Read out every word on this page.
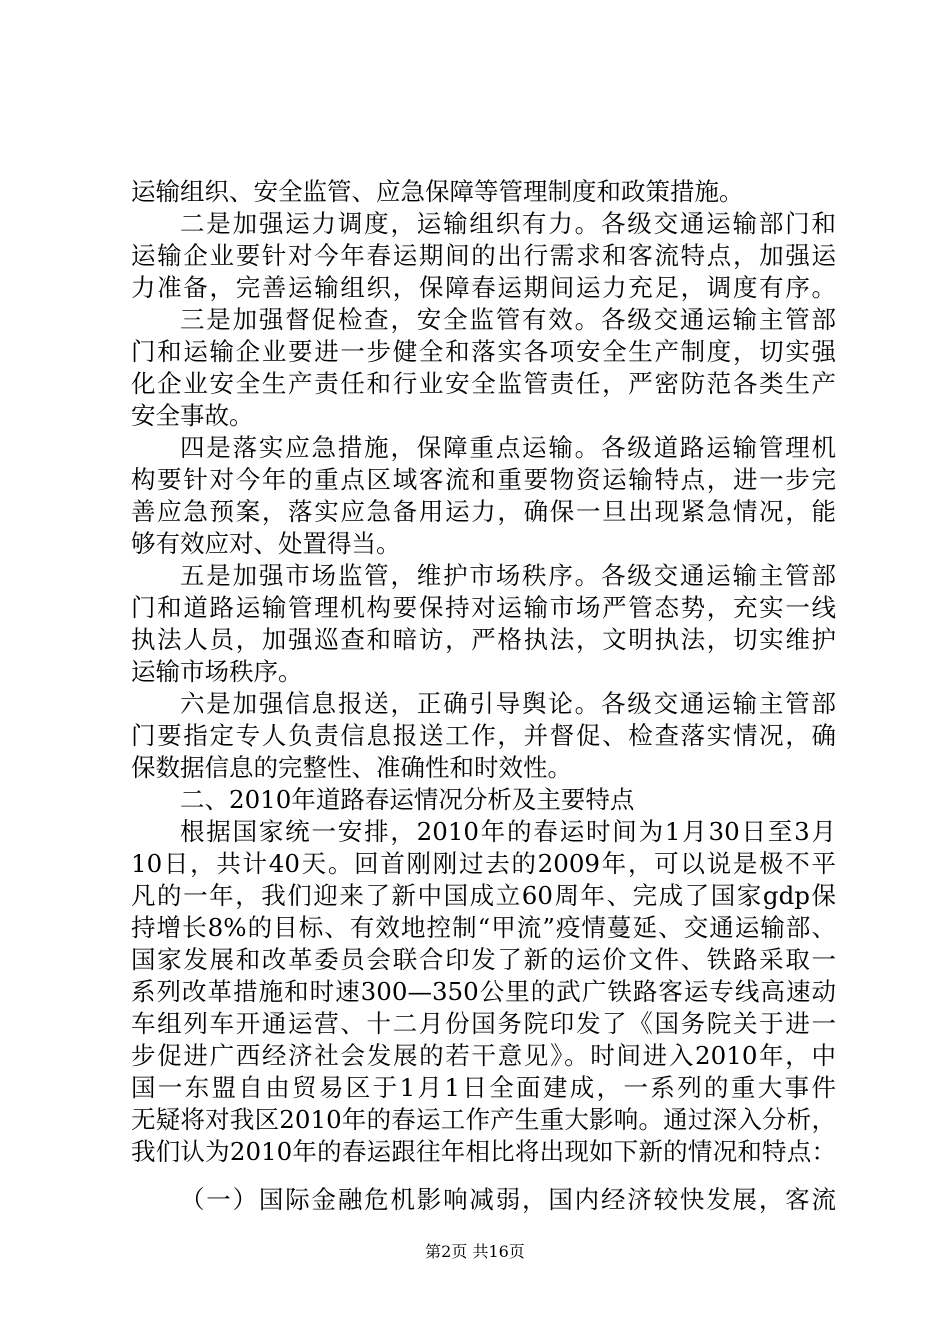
运输组织、安全监管、应急保障等管理制度和政策措施。
二是加强运力调度，运输组织有力。各级交通运输部门和
运输企业要针对今年春运期间的出行需求和客流特点，加强运
力准备，完善运输组织，保障春运期间运力充足，调度有序。
三是加强督促检查，安全监管有效。各级交通运输主管部
门和运输企业要进一步健全和落实各项安全生产制度，切实强
化企业安全生产责任和行业安全监管责任，严密防范各类生产
安全事故。
四是落实应急措施，保障重点运输。各级道路运输管理机
构要针对今年的重点区域客流和重要物资运输特点，进一步完
善应急预案，落实应急备用运力，确保一旦出现紧急情况，能
够有效应对、处置得当。
五是加强市场监管，维护市场秩序。各级交通运输主管部
门和道路运输管理机构要保持对运输市场严管态势，充实一线
执法人员，加强巡查和暗访，严格执法，文明执法，切实维护
运输市场秩序。
六是加强信息报送，正确引导舆论。各级交通运输主管部
门要指定专人负责信息报送工作，并督促、检查落实情况，确
保数据信息的完整性、准确性和时效性。
二、2010年道路春运情况分析及主要特点
根据国家统一安排，2010年的春运时间为1月30日至3月
10日，共计40天。回首刚刚过去的2009年，可以说是极不平
凡的一年，我们迎来了新中国成立60周年、完成了国家gdp保
持增长8%的目标、有效地控制“甲流”疫情蔓延、交通运输部、
国家发展和改革委员会联合印发了新的运价文件、铁路采取一
系列改革措施和时速300—350公里的武广铁路客运专线高速动
车组列车开通运营、十二月份国务院印发了《国务院关于进一
步促进广西经济社会发展的若干意见》。时间进入2010年，中
国一东盟自由贸易区于1月1日全面建成，一系列的重大事件
无疑将对我区2010年的春运工作产生重大影响。通过深入分析，
我们认为2010年的春运跟往年相比将出现如下新的情况和特点：
（一）国际金融危机影响减弱，国内经济较快发展，客流
第2页 共16页
